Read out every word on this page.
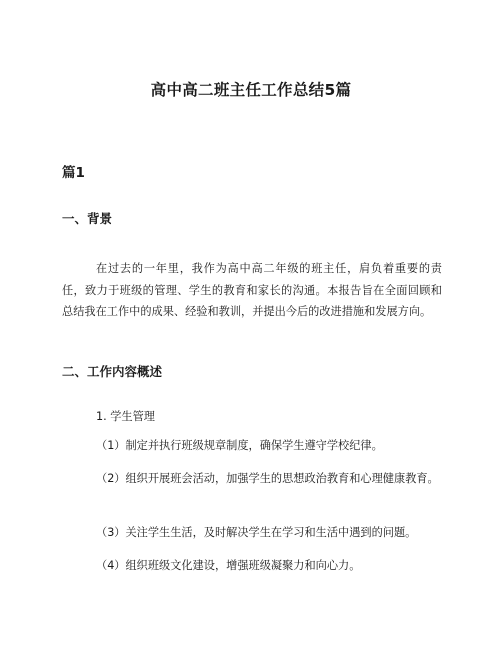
高中高二班主任工作总结5篇
篇1
一、背景

在过去的一年里，我作为高中高二年级的班主任，肩负着重要的责任，致力于班级的管理、学生的教育和家长的沟通。本报告旨在全面回顾和总结我在工作中的成果、经验和教训，并提出今后的改进措施和发展方向。

二、工作内容概述

1. 学生管理

（1）制定并执行班级规章制度，确保学生遵守学校纪律。

（2）组织开展班会活动，加强学生的思想政治教育和心理健康教育。

（3）关注学生生活，及时解决学生在学习和生活中遇到的问题。

（4）组织班级文化建设，增强班级凝聚力和向心力。
